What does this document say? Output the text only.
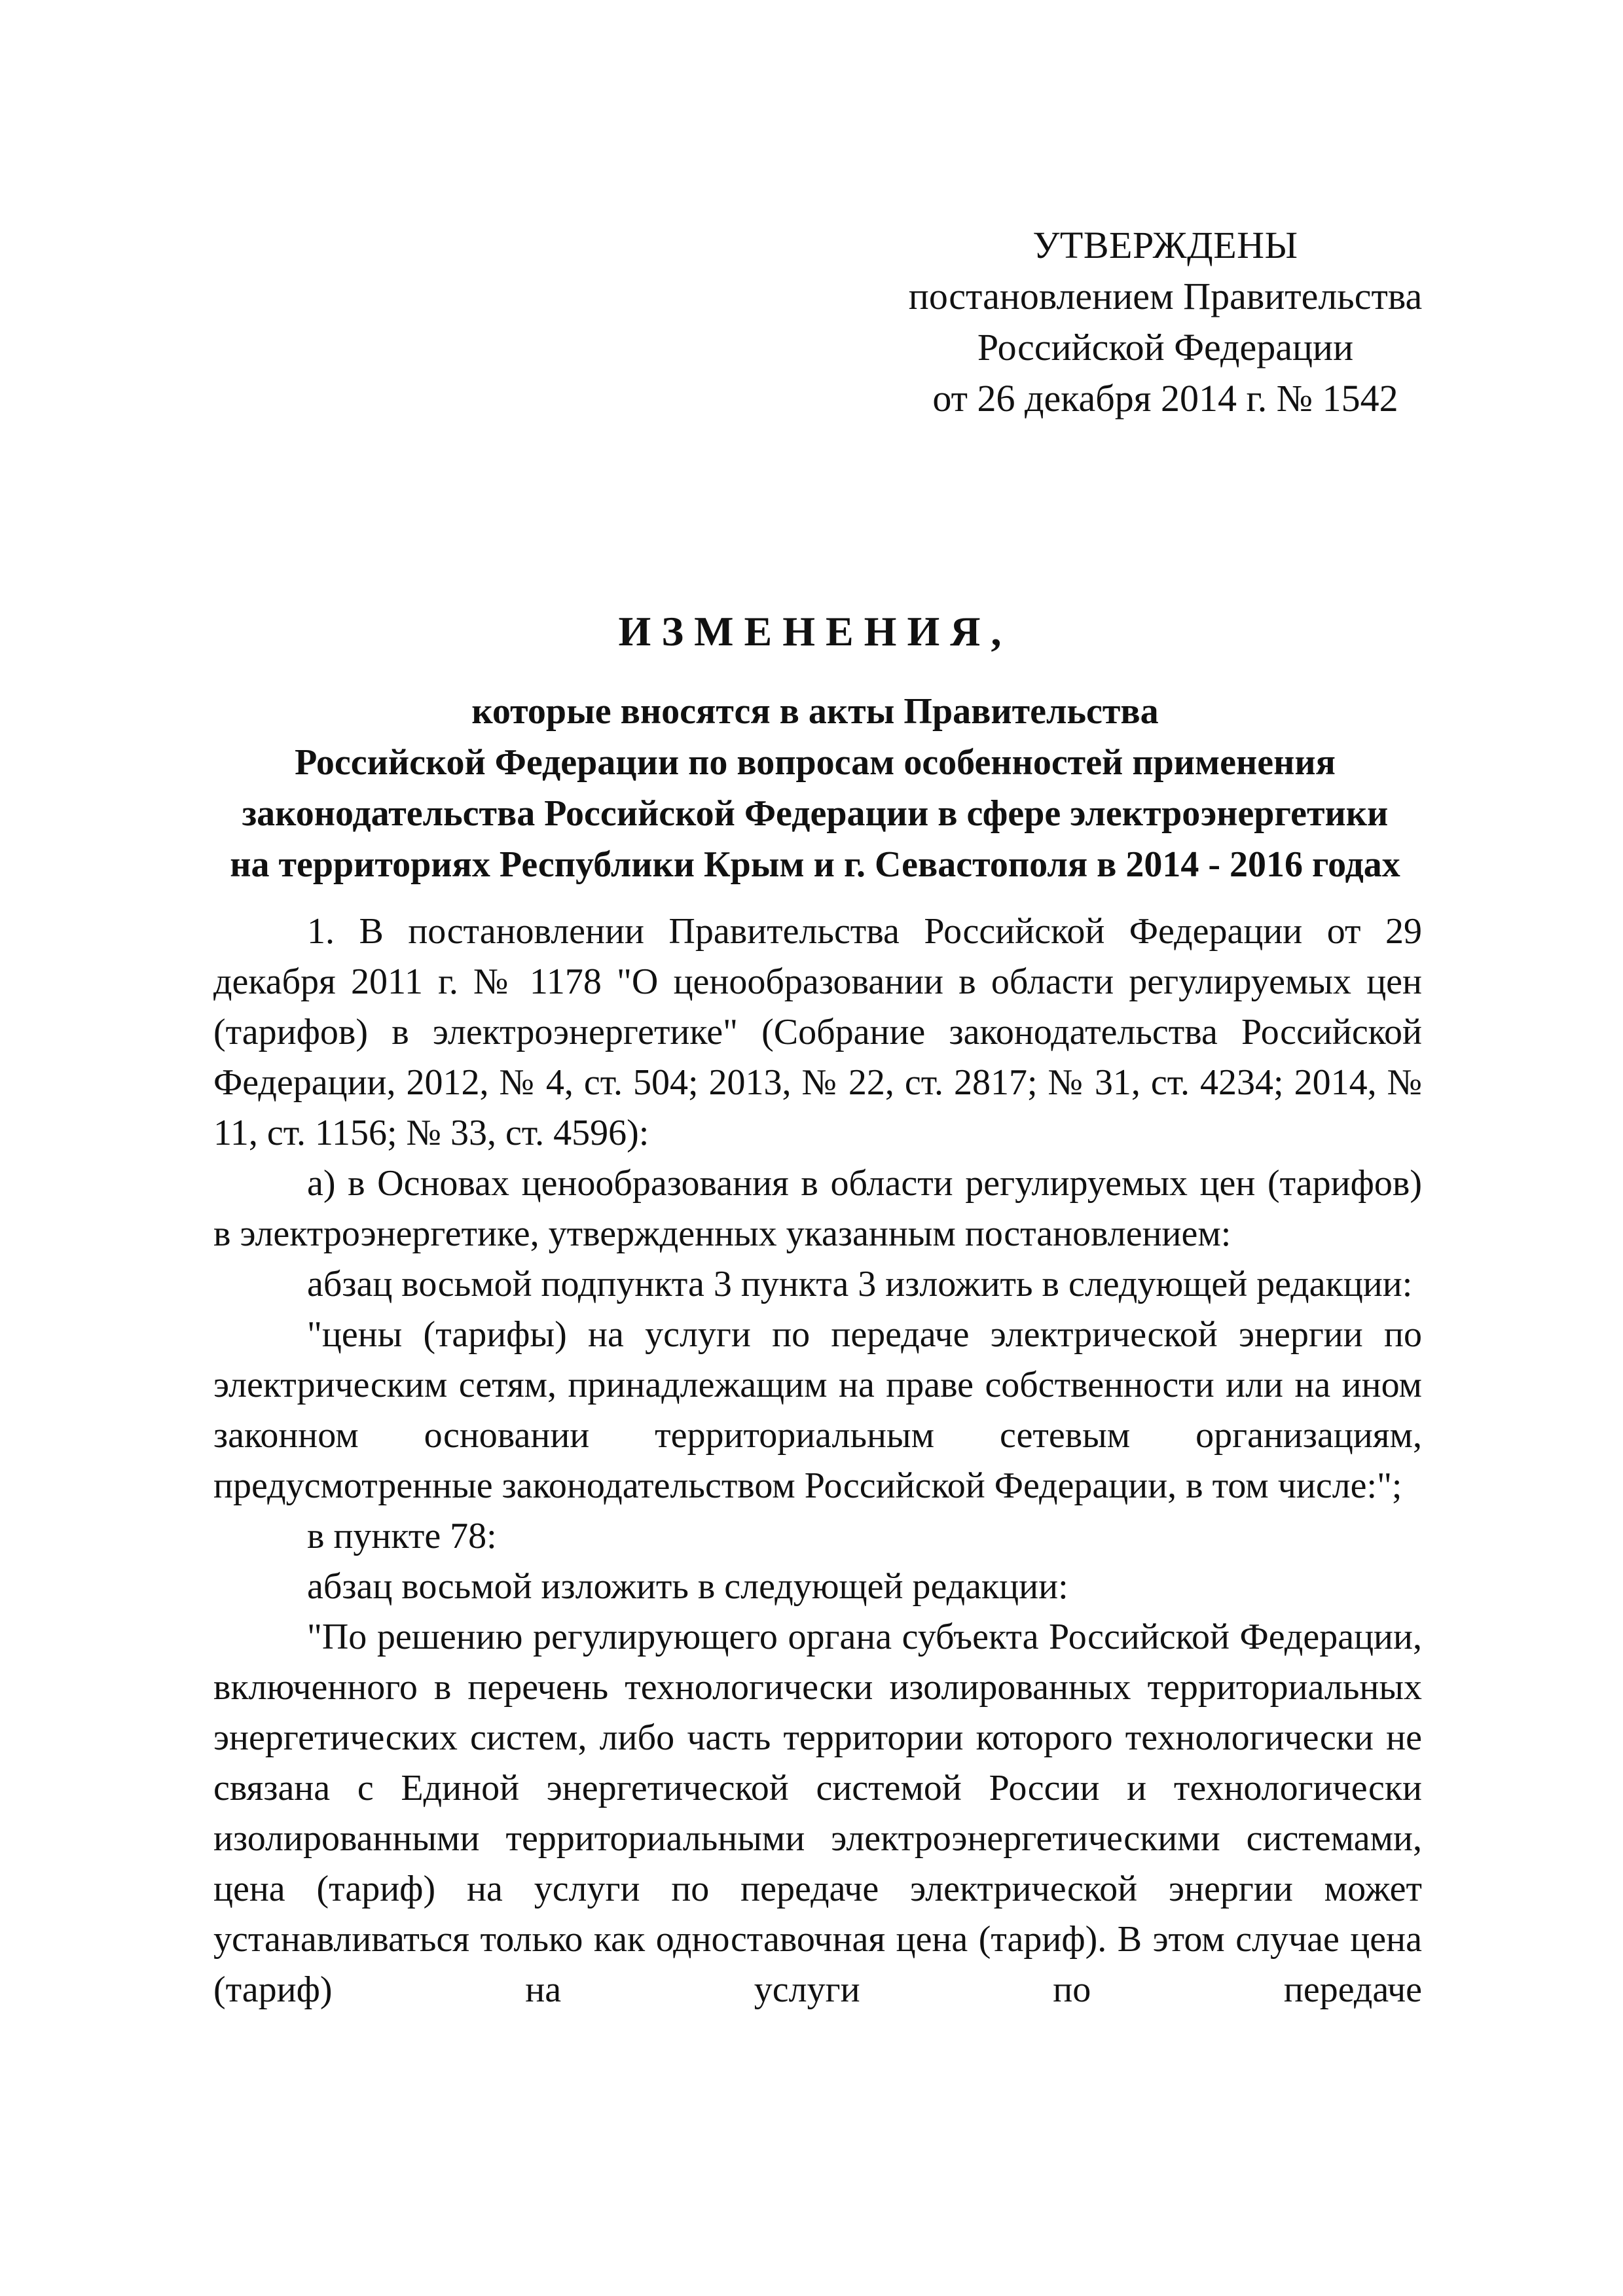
УТВЕРЖДЕНЫ
постановлением Правительства
Российской Федерации
от 26 декабря 2014 г. № 1542
ИЗМЕНЕНИЯ,
которые вносятся в акты Правительства
Российской Федерации по вопросам особенностей применения
законодательства Российской Федерации в сфере электроэнергетики
на территориях Республики Крым и г. Севастополя в 2014 - 2016 годах

1. В постановлении Правительства Российской Федерации от 29 декабря 2011 г. № 1178 "О ценообразовании в области регулируемых цен (тарифов) в электроэнергетике" (Собрание законодательства Российской Федерации, 2012, № 4, ст. 504; 2013, № 22, ст. 2817; № 31, ст. 4234; 2014, № 11, ст. 1156; № 33, ст. 4596):

а) в Основах ценообразования в области регулируемых цен (тарифов) в электроэнергетике, утвержденных указанным постановлением:

абзац восьмой подпункта 3 пункта 3 изложить в следующей редакции:

"цены (тарифы) на услуги по передаче электрической энергии по электрическим сетям, принадлежащим на праве собственности или на ином законном основании территориальным сетевым организациям, предусмотренные законодательством Российской Федерации, в том числе:";

в пункте 78:

абзац восьмой изложить в следующей редакции:

"По решению регулирующего органа субъекта Российской Федерации, включенного в перечень технологически изолированных территориальных энергетических систем, либо часть территории которого технологически не связана с Единой энергетической системой России и технологически изолированными территориальными электроэнергетическими системами, цена (тариф) на услуги по передаче электрической энергии может устанавливаться только как одноставочная цена (тариф). В этом случае цена (тариф) на услуги по передаче
